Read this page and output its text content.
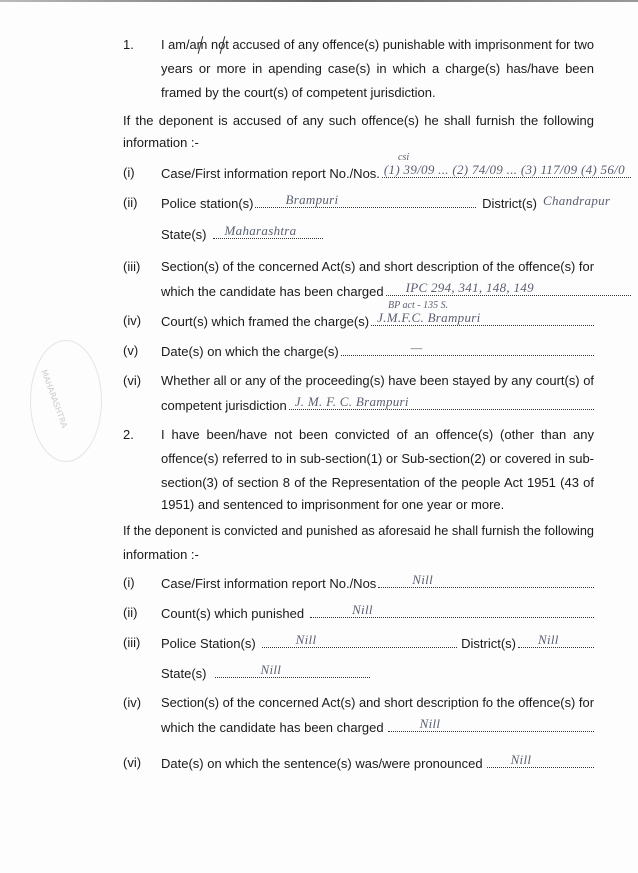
MAHARASHTRA
1. I am/am not accused of any offence(s) punishable with imprisonment for two
years or more in apending case(s) in which a charge(s) has/have been
framed by the court(s) of competent jurisdiction.
If the deponent is accused of any such offence(s) he shall furnish the following
information :-
csi
(i) Case/First information report No./Nos. (1) 39/09 ... (2) 74/09 ... (3) 117/09 (4) 56/0
(ii) Police station(s) Brampuri	District(s) Chandrapur
State(s) Maharashtra
(iii) Section(s) of the concerned Act(s) and short description of the offence(s) for
which the candidate has been charged IPC 294, 341, 148, 149
BP act - 135 S.
(iv) Court(s) which framed the charge(s) J.M.F.C. Brampuri
(v) Date(s) on which the charge(s)	—
(vi) Whether all or any of the proceeding(s) have been stayed by any court(s) of
competent jurisdiction J. M. F. C. Brampuri
2. I have been/have not been convicted of an offence(s) (other than any
offence(s) referred to in sub-section(1) or Sub-section(2) or covered in sub-
section(3) of section 8 of the Representation of the people Act 1951 (43 of
1951) and sentenced to imprisonment for one year or more.
If the deponent is convicted and punished as aforesaid he shall furnish the following
information :-
(i) Case/First information report No./Nos	Nill
(ii) Count(s) which punished	Nill
(iii) Police Station(s)	Nill	District(s) Nill
State(s)	Nill
(iv) Section(s) of the concerned Act(s) and short description fo the offence(s) for
which the candidate has been charged	Nill
(vi) Date(s) on which the sentence(s) was/were pronounced Nill
